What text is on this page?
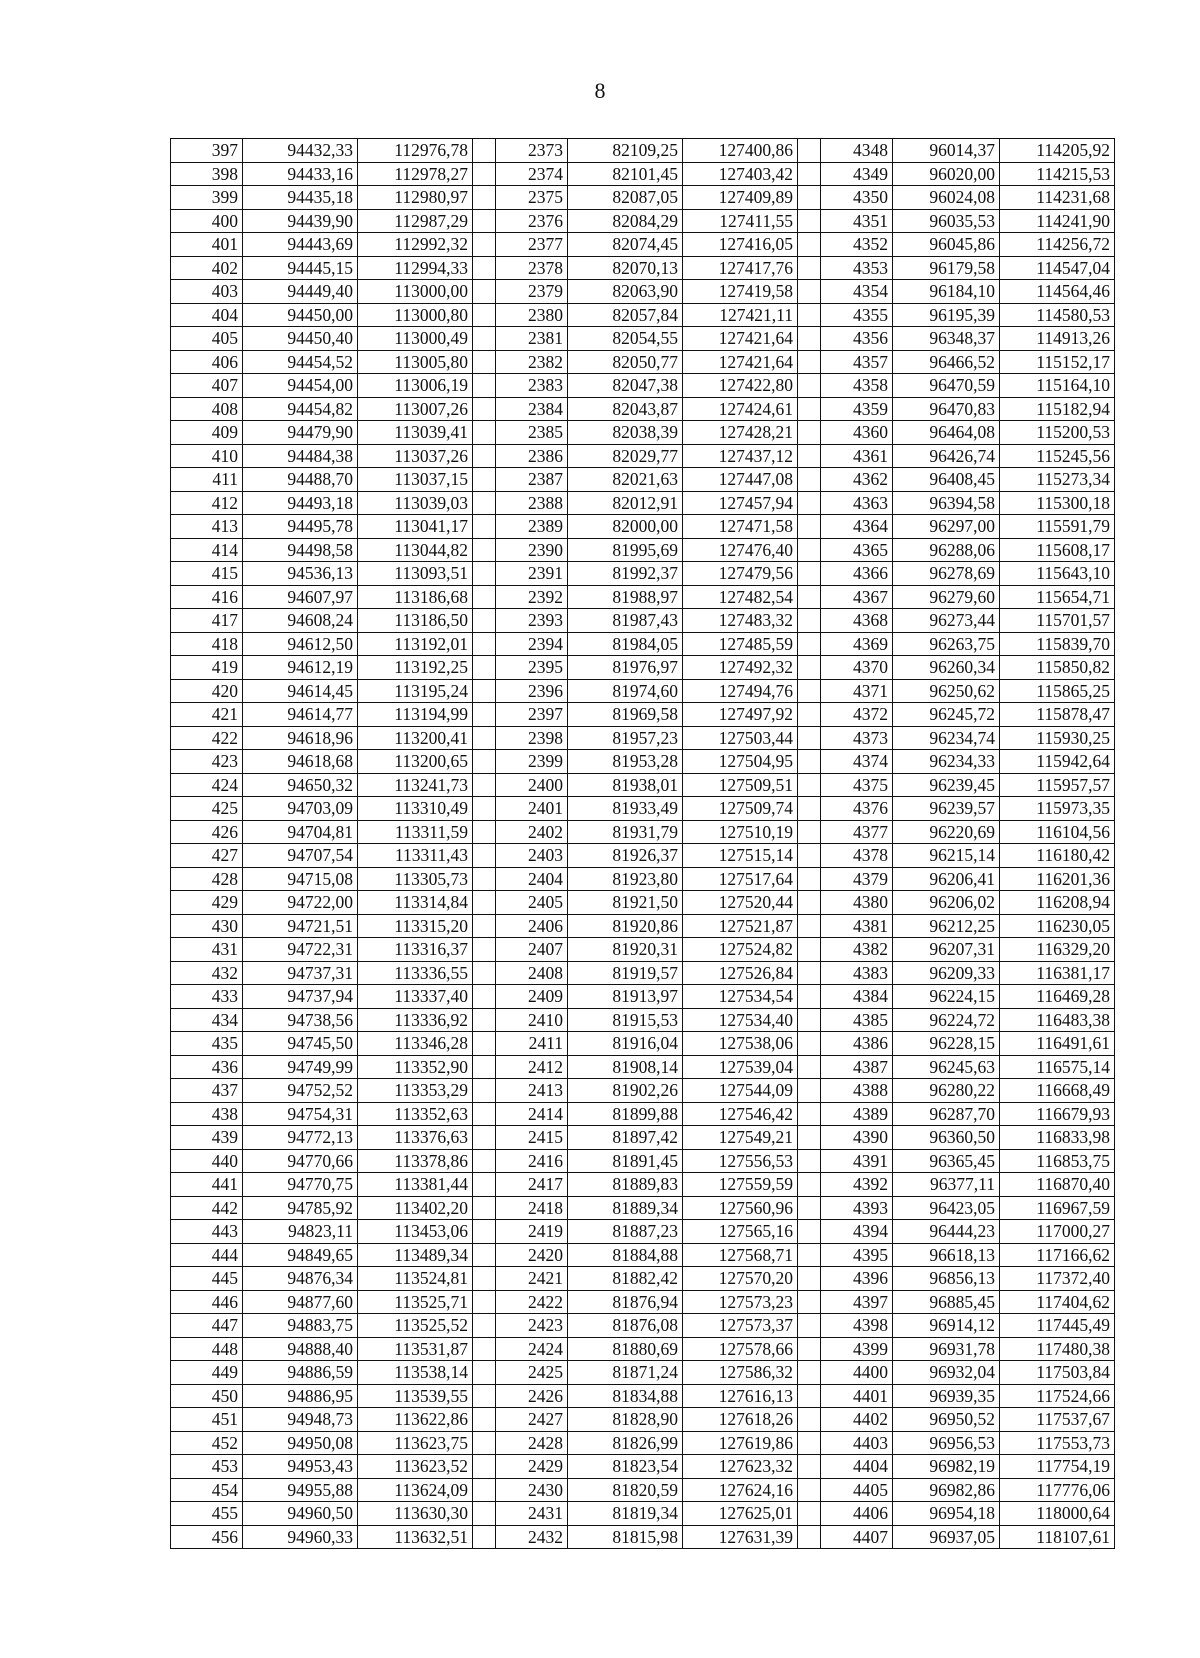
8
397	94432,33	112976,78		2373	82109,25	127400,86		4348	96014,37	114205,92
398	94433,16	112978,27		2374	82101,45	127403,42		4349	96020,00	114215,53
399	94435,18	112980,97		2375	82087,05	127409,89		4350	96024,08	114231,68
400	94439,90	112987,29		2376	82084,29	127411,55		4351	96035,53	114241,90
401	94443,69	112992,32		2377	82074,45	127416,05		4352	96045,86	114256,72
402	94445,15	112994,33		2378	82070,13	127417,76		4353	96179,58	114547,04
403	94449,40	113000,00		2379	82063,90	127419,58		4354	96184,10	114564,46
404	94450,00	113000,80		2380	82057,84	127421,11		4355	96195,39	114580,53
405	94450,40	113000,49		2381	82054,55	127421,64		4356	96348,37	114913,26
406	94454,52	113005,80		2382	82050,77	127421,64		4357	96466,52	115152,17
407	94454,00	113006,19		2383	82047,38	127422,80		4358	96470,59	115164,10
408	94454,82	113007,26		2384	82043,87	127424,61		4359	96470,83	115182,94
409	94479,90	113039,41		2385	82038,39	127428,21		4360	96464,08	115200,53
410	94484,38	113037,26		2386	82029,77	127437,12		4361	96426,74	115245,56
411	94488,70	113037,15		2387	82021,63	127447,08		4362	96408,45	115273,34
412	94493,18	113039,03		2388	82012,91	127457,94		4363	96394,58	115300,18
413	94495,78	113041,17		2389	82000,00	127471,58		4364	96297,00	115591,79
414	94498,58	113044,82		2390	81995,69	127476,40		4365	96288,06	115608,17
415	94536,13	113093,51		2391	81992,37	127479,56		4366	96278,69	115643,10
416	94607,97	113186,68		2392	81988,97	127482,54		4367	96279,60	115654,71
417	94608,24	113186,50		2393	81987,43	127483,32		4368	96273,44	115701,57
418	94612,50	113192,01		2394	81984,05	127485,59		4369	96263,75	115839,70
419	94612,19	113192,25		2395	81976,97	127492,32		4370	96260,34	115850,82
420	94614,45	113195,24		2396	81974,60	127494,76		4371	96250,62	115865,25
421	94614,77	113194,99		2397	81969,58	127497,92		4372	96245,72	115878,47
422	94618,96	113200,41		2398	81957,23	127503,44		4373	96234,74	115930,25
423	94618,68	113200,65		2399	81953,28	127504,95		4374	96234,33	115942,64
424	94650,32	113241,73		2400	81938,01	127509,51		4375	96239,45	115957,57
425	94703,09	113310,49		2401	81933,49	127509,74		4376	96239,57	115973,35
426	94704,81	113311,59		2402	81931,79	127510,19		4377	96220,69	116104,56
427	94707,54	113311,43		2403	81926,37	127515,14		4378	96215,14	116180,42
428	94715,08	113305,73		2404	81923,80	127517,64		4379	96206,41	116201,36
429	94722,00	113314,84		2405	81921,50	127520,44		4380	96206,02	116208,94
430	94721,51	113315,20		2406	81920,86	127521,87		4381	96212,25	116230,05
431	94722,31	113316,37		2407	81920,31	127524,82		4382	96207,31	116329,20
432	94737,31	113336,55		2408	81919,57	127526,84		4383	96209,33	116381,17
433	94737,94	113337,40		2409	81913,97	127534,54		4384	96224,15	116469,28
434	94738,56	113336,92		2410	81915,53	127534,40		4385	96224,72	116483,38
435	94745,50	113346,28		2411	81916,04	127538,06		4386	96228,15	116491,61
436	94749,99	113352,90		2412	81908,14	127539,04		4387	96245,63	116575,14
437	94752,52	113353,29		2413	81902,26	127544,09		4388	96280,22	116668,49
438	94754,31	113352,63		2414	81899,88	127546,42		4389	96287,70	116679,93
439	94772,13	113376,63		2415	81897,42	127549,21		4390	96360,50	116833,98
440	94770,66	113378,86		2416	81891,45	127556,53		4391	96365,45	116853,75
441	94770,75	113381,44		2417	81889,83	127559,59		4392	96377,11	116870,40
442	94785,92	113402,20		2418	81889,34	127560,96		4393	96423,05	116967,59
443	94823,11	113453,06		2419	81887,23	127565,16		4394	96444,23	117000,27
444	94849,65	113489,34		2420	81884,88	127568,71		4395	96618,13	117166,62
445	94876,34	113524,81		2421	81882,42	127570,20		4396	96856,13	117372,40
446	94877,60	113525,71		2422	81876,94	127573,23		4397	96885,45	117404,62
447	94883,75	113525,52		2423	81876,08	127573,37		4398	96914,12	117445,49
448	94888,40	113531,87		2424	81880,69	127578,66		4399	96931,78	117480,38
449	94886,59	113538,14		2425	81871,24	127586,32		4400	96932,04	117503,84
450	94886,95	113539,55		2426	81834,88	127616,13		4401	96939,35	117524,66
451	94948,73	113622,86		2427	81828,90	127618,26		4402	96950,52	117537,67
452	94950,08	113623,75		2428	81826,99	127619,86		4403	96956,53	117553,73
453	94953,43	113623,52		2429	81823,54	127623,32		4404	96982,19	117754,19
454	94955,88	113624,09		2430	81820,59	127624,16		4405	96982,86	117776,06
455	94960,50	113630,30		2431	81819,34	127625,01		4406	96954,18	118000,64
456	94960,33	113632,51		2432	81815,98	127631,39		4407	96937,05	118107,61
